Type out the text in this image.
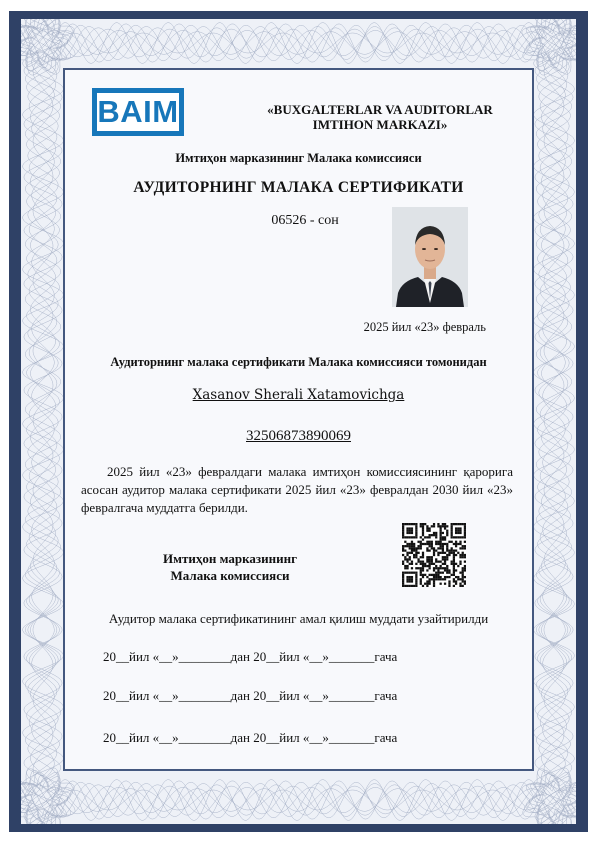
BAIM	«BUXGALTERLAR VA AUDITORLAR
IMTIHON MARKAZI»
Имтиҳон марказининг Малака комиссияси
АУДИТОРНИНГ МАЛАКА СЕРТИФИКАТИ
06526 - сон
2025 йил «23» февраль
Аудиторнинг малака сертификати Малака комиссияси томонидан
Xasanov Sherali Xatamovichga
32506873890069
2025 йил «23» февралдаги малака имтиҳон комиссиясининг қарорига асосан аудитор малака сертификати 2025 йил «23» февралдан 2030 йил «23» февралгача муддатга берилди.
Имтиҳон марказининг
Малака комиссияси
Аудитор малака сертификатининг амал қилиш муддати узайтирилди
20__йил «__»________дан 20__йил «__»_______гача
20__йил «__»________дан 20__йил «__»_______гача
20__йил «__»________дан 20__йил «__»_______гача
